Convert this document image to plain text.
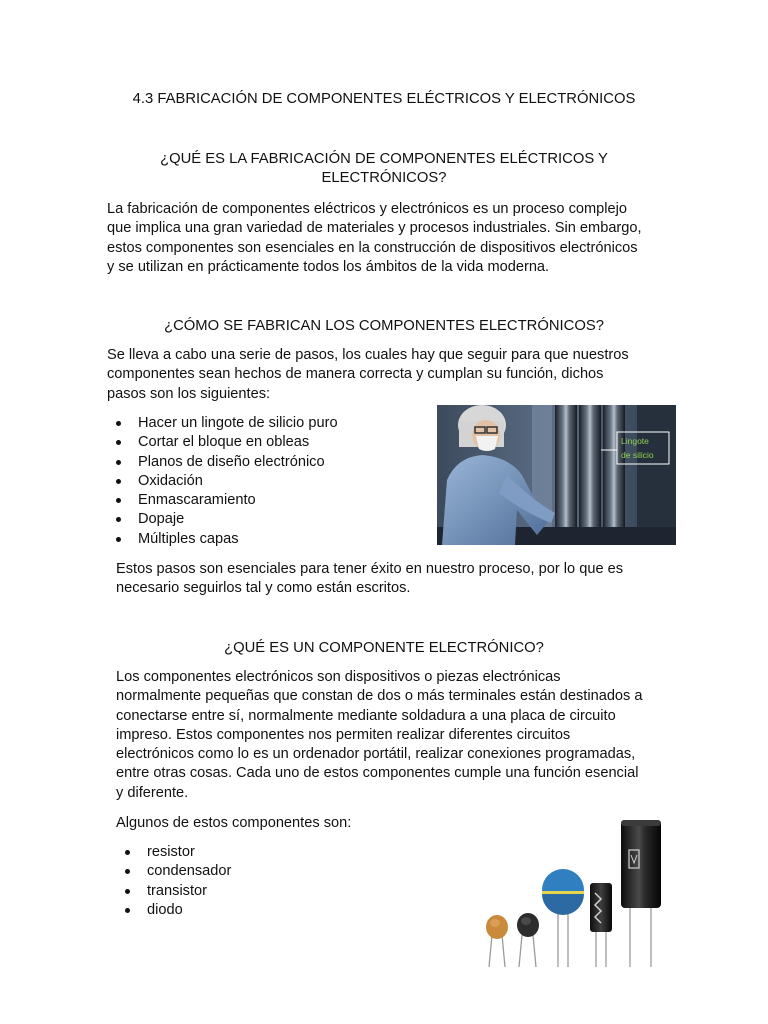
4.3 FABRICACIÓN DE COMPONENTES ELÉCTRICOS Y ELECTRÓNICOS
¿QUÉ ES LA FABRICACIÓN DE COMPONENTES ELÉCTRICOS Y
ELECTRÓNICOS?
La fabricación de componentes eléctricos y electrónicos es un proceso complejo
que implica una gran variedad de materiales y procesos industriales. Sin embargo,
estos componentes son esenciales en la construcción de dispositivos electrónicos
y se utilizan en prácticamente todos los ámbitos de la vida moderna.
¿CÓMO SE FABRICAN LOS COMPONENTES ELECTRÓNICOS?
Se lleva a cabo una serie de pasos, los cuales hay que seguir para que nuestros
componentes sean hechos de manera correcta y cumplan su función, dichos
pasos son los siguientes:
Hacer un lingote de silicio puro
Cortar el bloque en obleas
Planos de diseño electrónico
Oxidación
Enmascaramiento
Dopaje
Múltiples capas
Lingote
de silicio
Estos pasos son esenciales para tener éxito en nuestro proceso, por lo que es
necesario seguirlos tal y como están escritos.
¿QUÉ ES UN COMPONENTE ELECTRÓNICO?
Los componentes electrónicos son dispositivos o piezas electrónicas
normalmente pequeñas que constan de dos o más terminales están destinados a
conectarse entre sí, normalmente mediante soldadura a una placa de circuito
impreso. Estos componentes nos permiten realizar diferentes circuitos
electrónicos como lo es un ordenador portátil, realizar conexiones programadas,
entre otras cosas. Cada uno de estos componentes cumple una función esencial
y diferente.
Algunos de estos componentes son:
resistor
condensador
transistor
diodo
